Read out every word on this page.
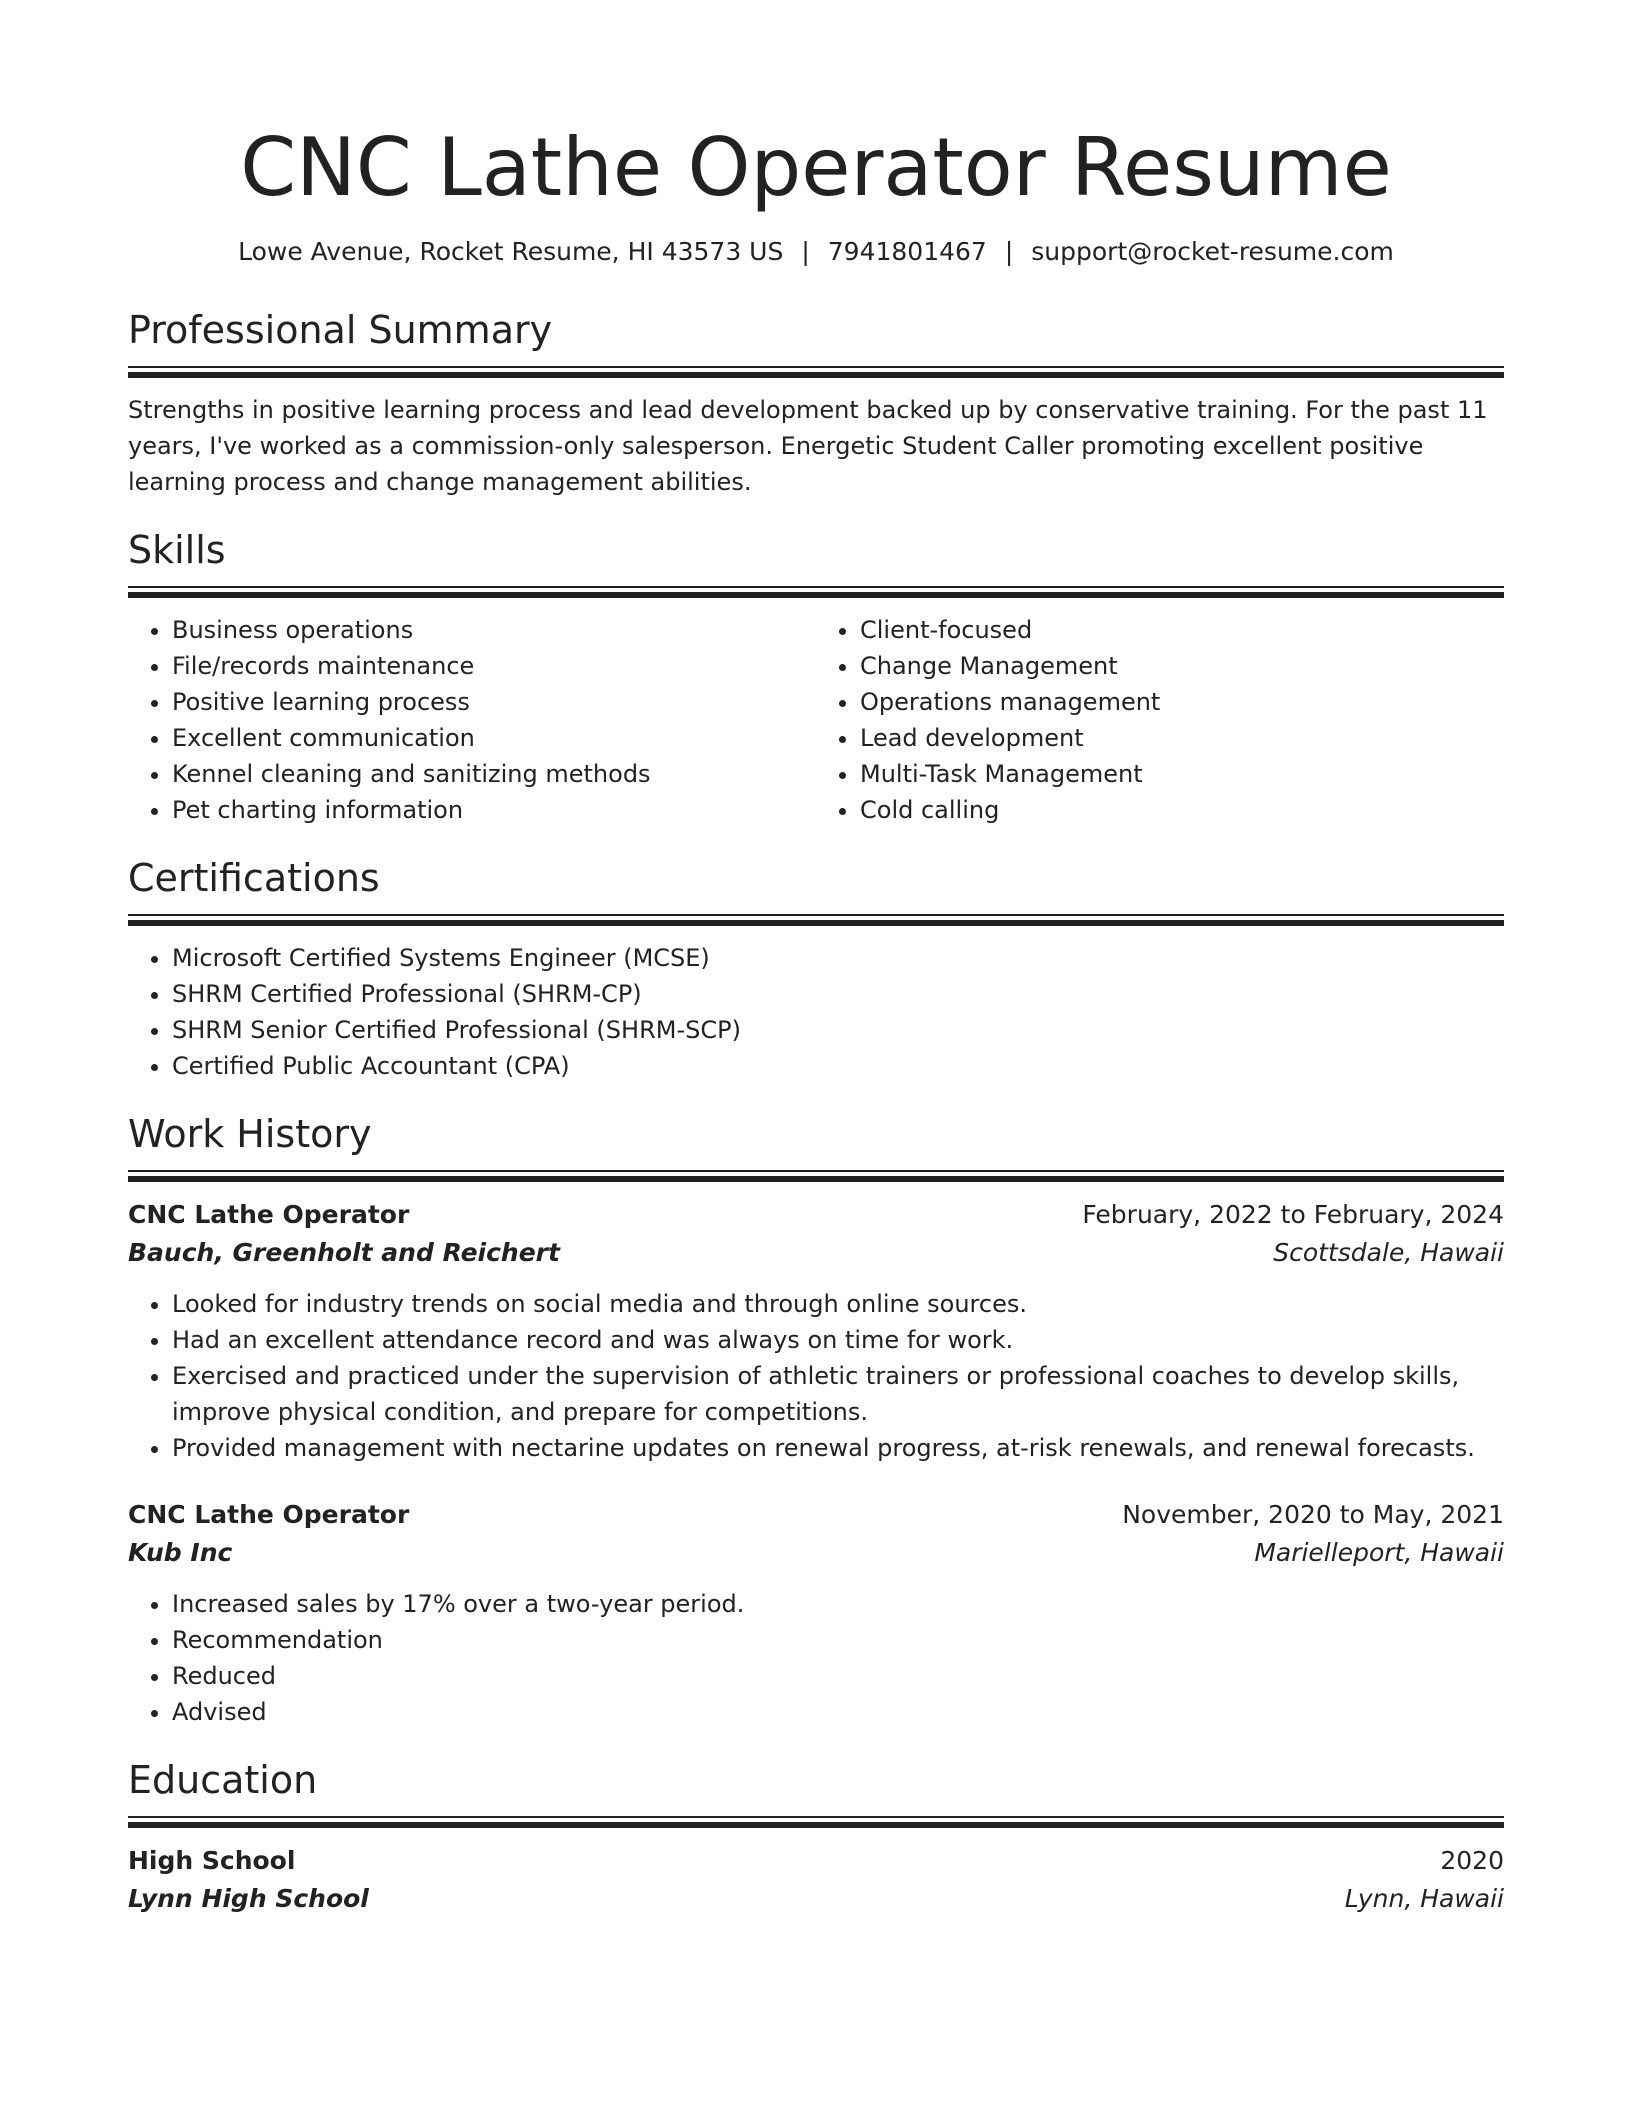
CNC Lathe Operator Resume
Lowe Avenue, Rocket Resume, HI 43573 US | 7941801467 | support@rocket-resume.com
Professional Summary

Strengths in positive learning process and lead development backed up by conservative training. For the past 11 years, I've worked as a commission-only salesperson. Energetic Student Caller promoting excellent positive learning process and change management abilities.

Skills
• Business operations
• File/records maintenance
• Positive learning process
• Excellent communication
• Kennel cleaning and sanitizing methods
• Pet charting information
• Client-focused
• Change Management
• Operations management
• Lead development
• Multi-Task Management
• Cold calling
Certifications
• Microsoft Certified Systems Engineer (MCSE)
• SHRM Certified Professional (SHRM-CP)
• SHRM Senior Certified Professional (SHRM-SCP)
• Certified Public Accountant (CPA)
Work History
CNC Lathe Operator	February, 2022 to February, 2024
Bauch, Greenholt and Reichert	Scottsdale, Hawaii
• Looked for industry trends on social media and through online sources.
• Had an excellent attendance record and was always on time for work.
• Exercised and practiced under the supervision of athletic trainers or professional coaches to develop skills, improve physical condition, and prepare for competitions.
• Provided management with nectarine updates on renewal progress, at-risk renewals, and renewal forecasts.
CNC Lathe Operator	November, 2020 to May, 2021
Kub Inc	Marielleport, Hawaii
• Increased sales by 17% over a two-year period.
• Recommendation
• Reduced
• Advised
Education
High School	2020
Lynn High School	Lynn, Hawaii
